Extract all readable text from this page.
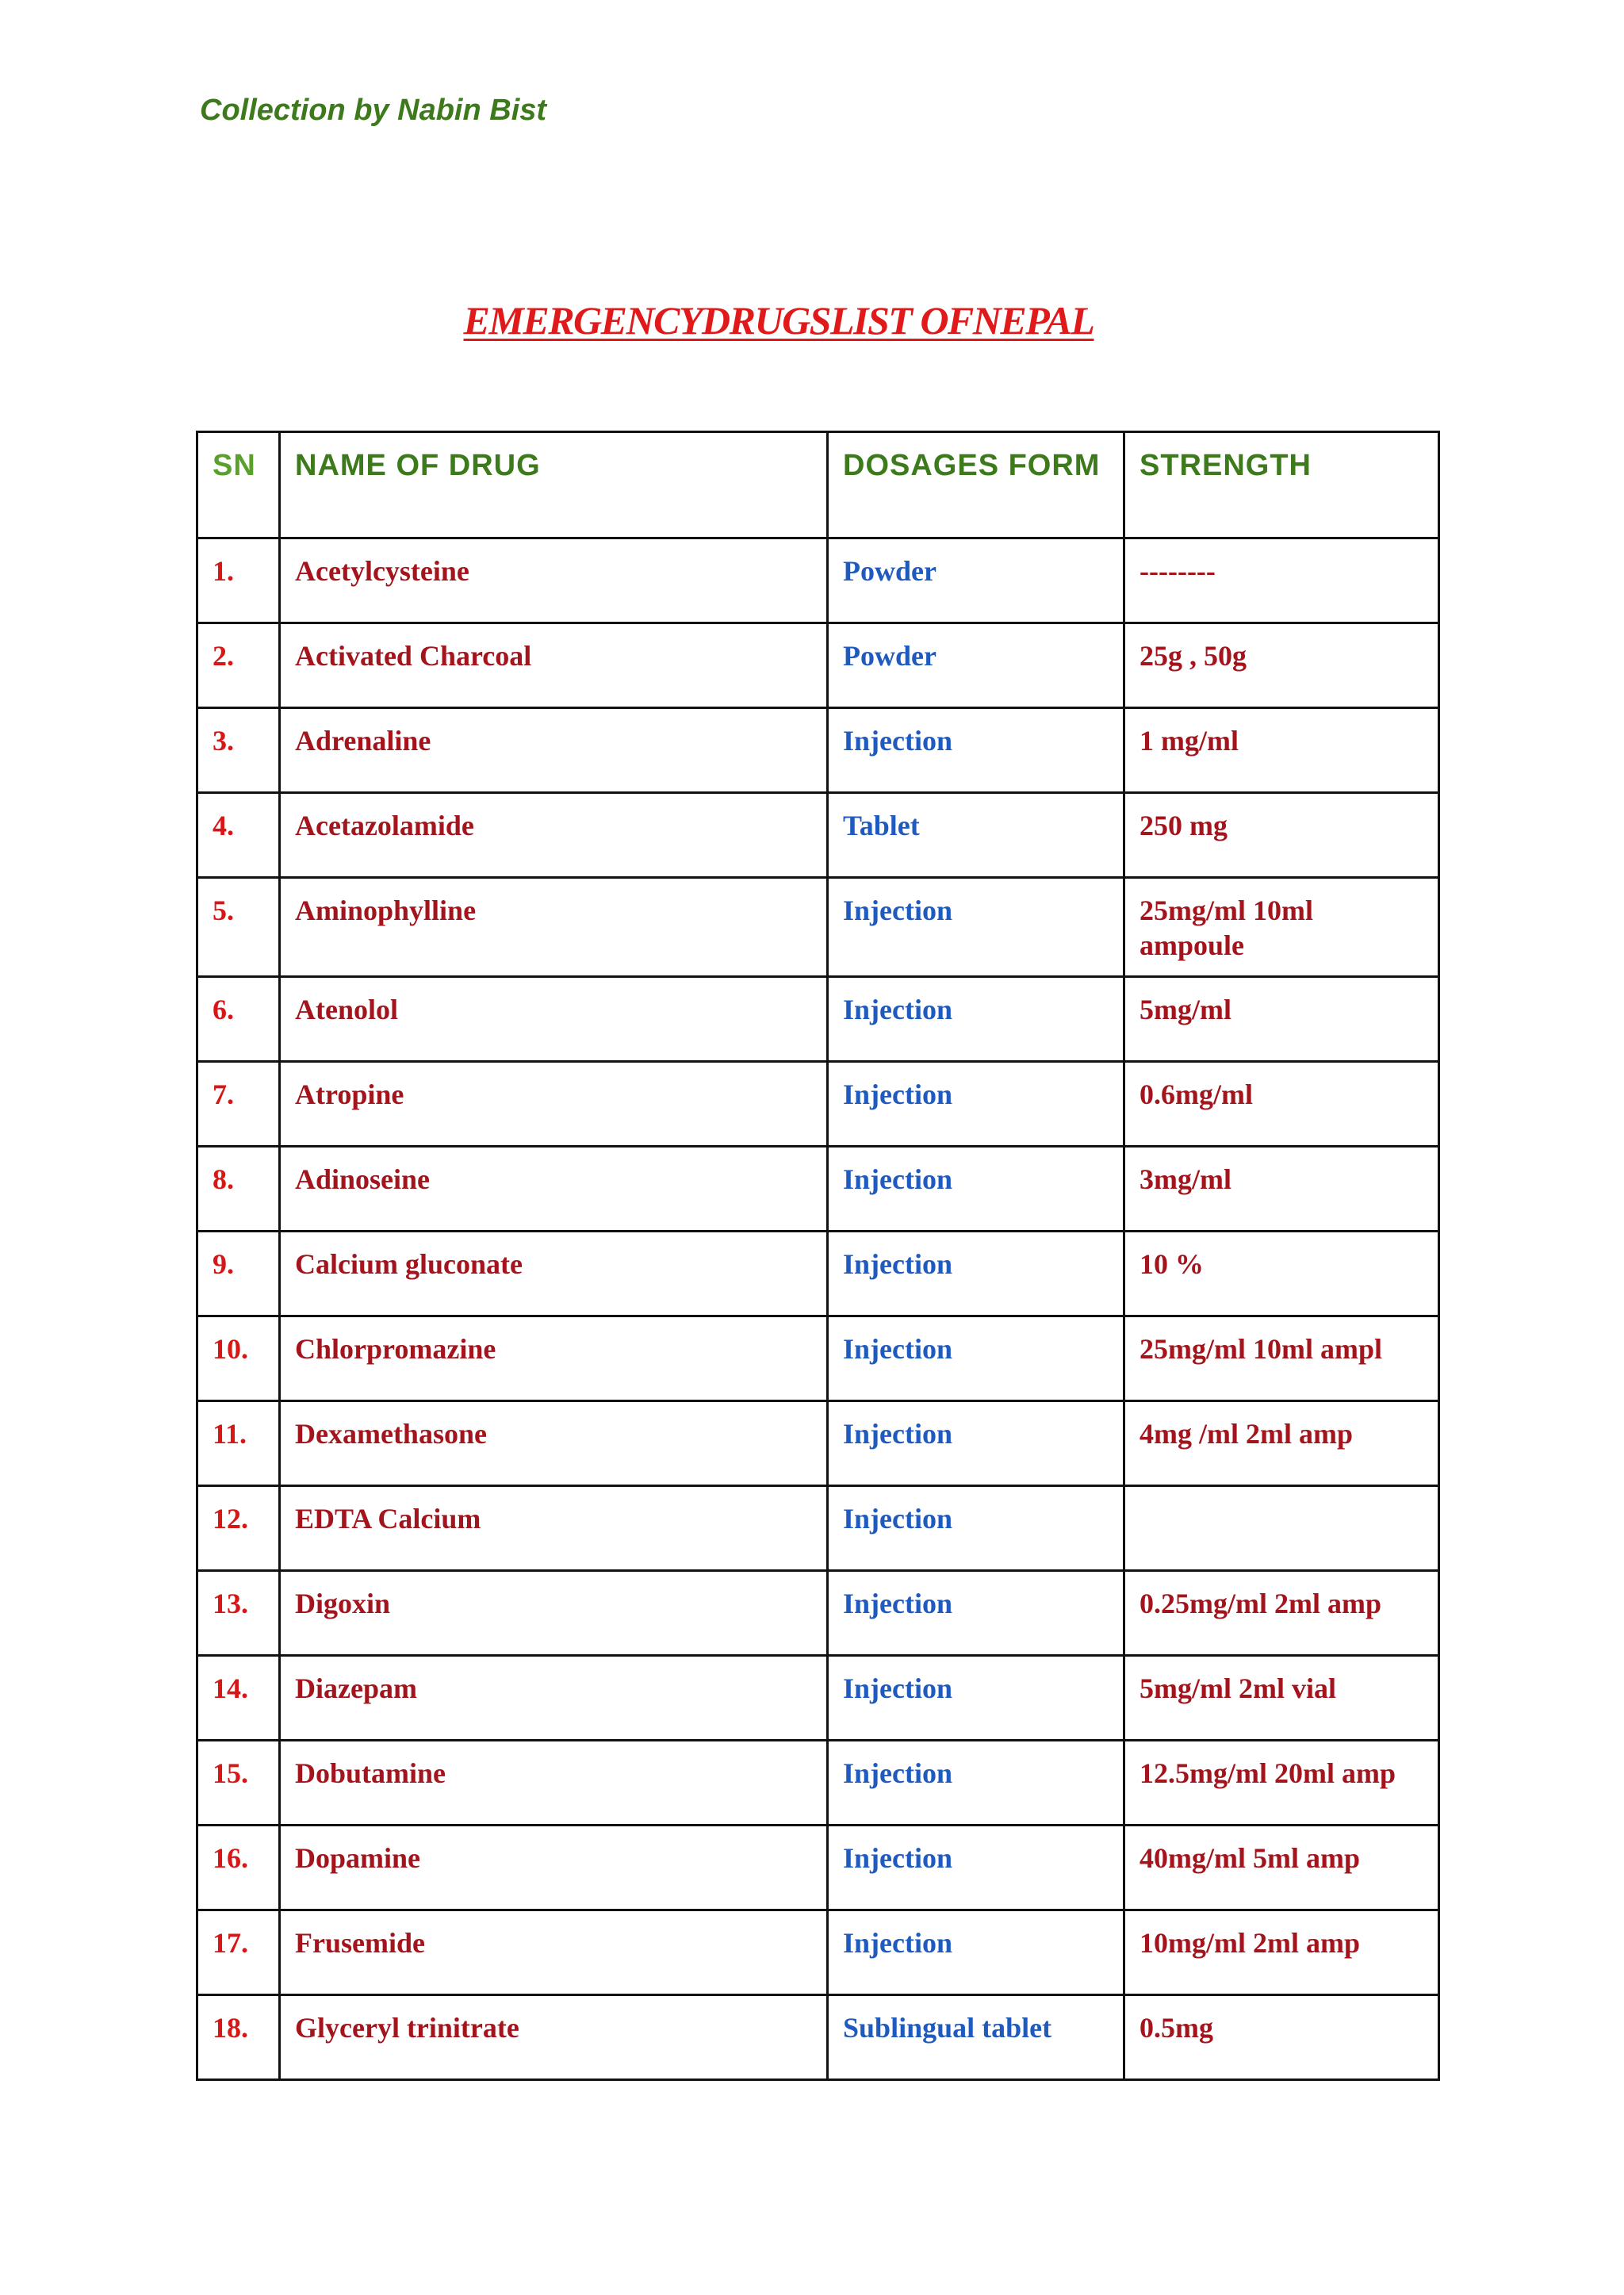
Collection by Nabin Bist

EMERGENCYDRUGSLIST OFNEPAL
SN	NAME OF DRUG	DOSAGES FORM	STRENGTH
1.	Acetylcysteine	Powder	--------
2.	Activated Charcoal	Powder	25g , 50g
3.	Adrenaline	Injection	1 mg/ml
4.	Acetazolamide	Tablet	250 mg
5.	Aminophylline	Injection	25mg/ml 10ml ampoule
6.	Atenolol	Injection	5mg/ml
7.	Atropine	Injection	0.6mg/ml
8.	Adinoseine	Injection	3mg/ml
9.	Calcium gluconate	Injection	10 %
10.	Chlorpromazine	Injection	25mg/ml 10ml ampl
11.	Dexamethasone	Injection	4mg /ml 2ml amp
12.	EDTA Calcium	Injection	
13.	Digoxin	Injection	0.25mg/ml 2ml amp
14.	Diazepam	Injection	5mg/ml 2ml vial
15.	Dobutamine	Injection	12.5mg/ml 20ml amp
16.	Dopamine	Injection	40mg/ml 5ml amp
17.	Frusemide	Injection	10mg/ml 2ml amp
18.	Glyceryl trinitrate	Sublingual tablet	0.5mg
